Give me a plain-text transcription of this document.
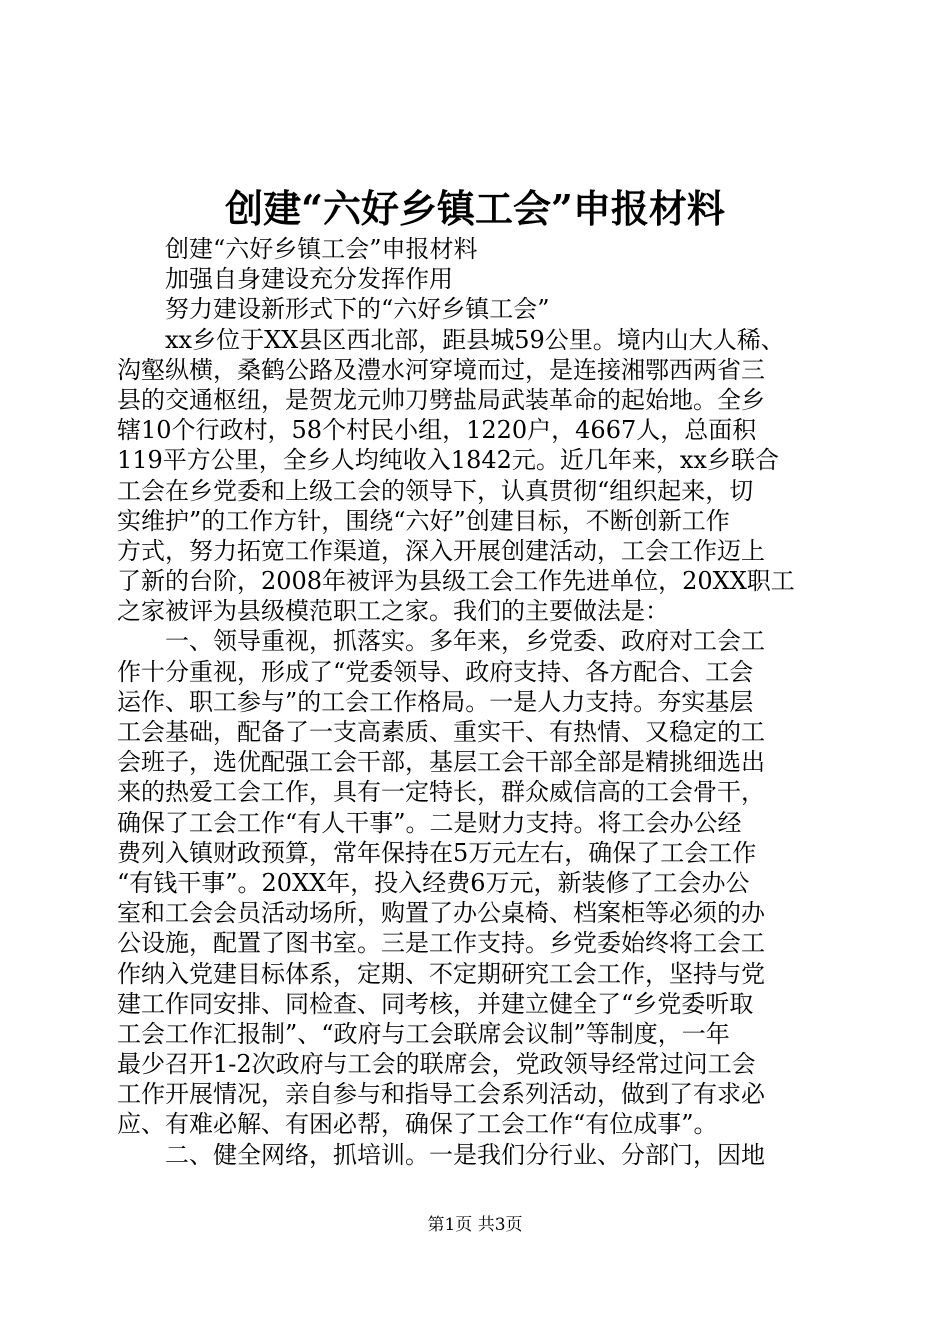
创建“六好乡镇工会”申报材料
　　创建“六好乡镇工会”申报材料
　　加强自身建设充分发挥作用
　　努力建设新形式下的“六好乡镇工会”
　　xx乡位于XX县区西北部，距县城59公里。境内山大人稀、
沟壑纵横，桑鹤公路及澧水河穿境而过，是连接湘鄂西两省三
县的交通枢纽，是贺龙元帅刀劈盐局武装革命的起始地。全乡
辖10个行政村，58个村民小组，1220户，4667人，总面积
119平方公里，全乡人均纯收入1842元。近几年来，xx乡联合
工会在乡党委和上级工会的领导下，认真贯彻“组织起来，切
实维护”的工作方针，围绕“六好”创建目标，不断创新工作
方式，努力拓宽工作渠道，深入开展创建活动，工会工作迈上
了新的台阶，2008年被评为县级工会工作先进单位，20XX职工
之家被评为县级模范职工之家。我们的主要做法是：
　　一、领导重视，抓落实。多年来，乡党委、政府对工会工
作十分重视，形成了“党委领导、政府支持、各方配合、工会
运作、职工参与”的工会工作格局。一是人力支持。夯实基层
工会基础，配备了一支高素质、重实干、有热情、又稳定的工
会班子，选优配强工会干部，基层工会干部全部是精挑细选出
来的热爱工会工作，具有一定特长，群众威信高的工会骨干，
确保了工会工作“有人干事”。二是财力支持。将工会办公经
费列入镇财政预算，常年保持在5万元左右，确保了工会工作
“有钱干事”。20XX年，投入经费6万元，新装修了工会办公
室和工会会员活动场所，购置了办公桌椅、档案柜等必须的办
公设施，配置了图书室。三是工作支持。乡党委始终将工会工
作纳入党建目标体系，定期、不定期研究工会工作，坚持与党
建工作同安排、同检查、同考核，并建立健全了“乡党委听取
工会工作汇报制”、“政府与工会联席会议制”等制度，一年
最少召开1-2次政府与工会的联席会，党政领导经常过问工会
工作开展情况，亲自参与和指导工会系列活动，做到了有求必
应、有难必解、有困必帮，确保了工会工作“有位成事”。
　　二、健全网络，抓培训。一是我们分行业、分部门，因地
第1页 共3页
